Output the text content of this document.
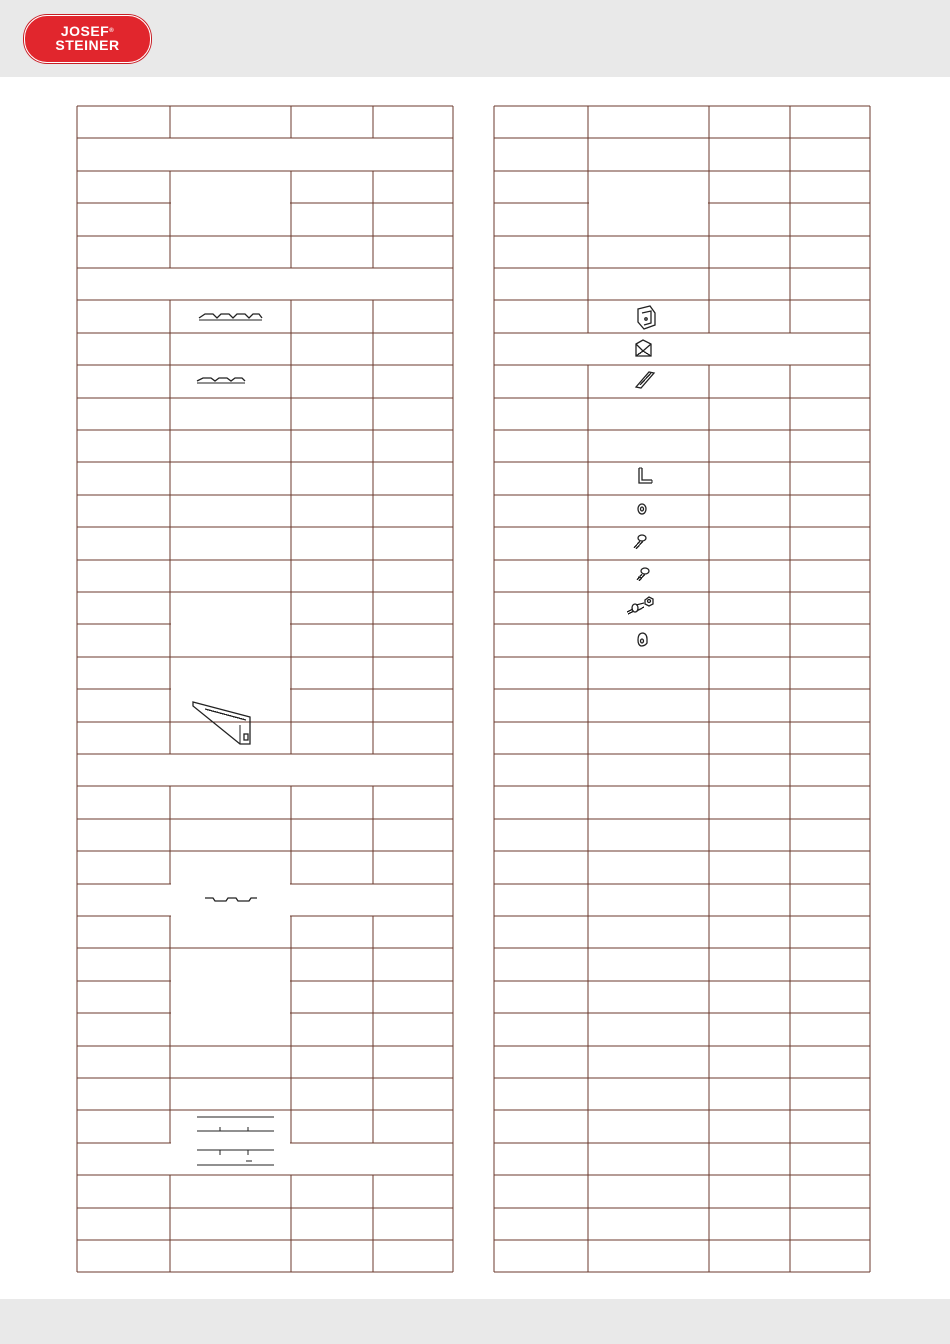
JOSEF®
STEINER
